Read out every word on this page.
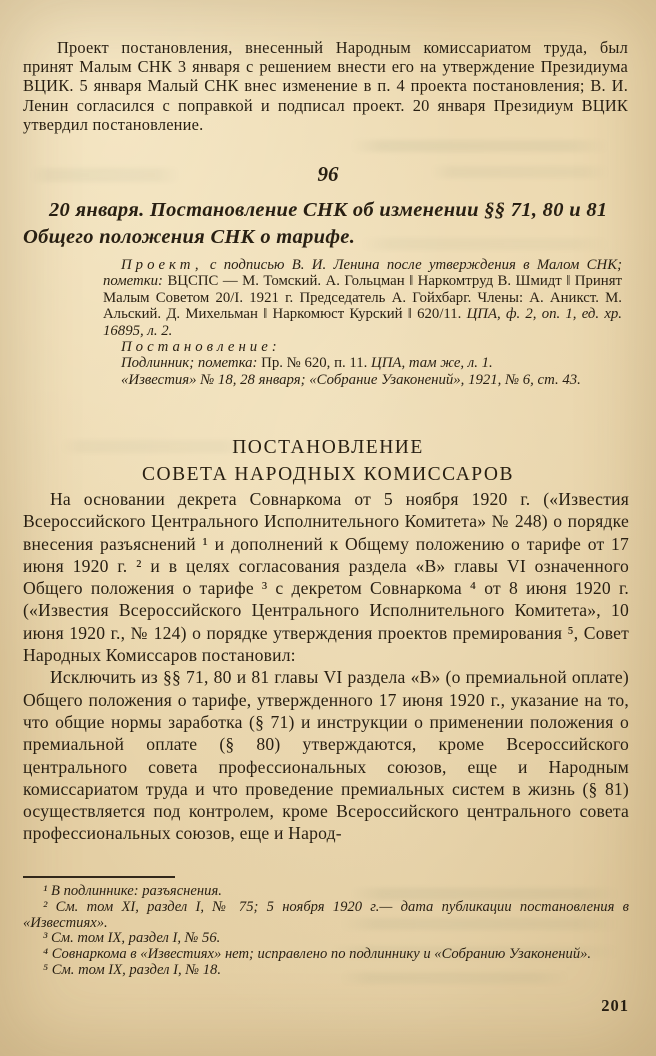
Проект постановления, внесенный Народным комиссариатом труда, был принят Малым СНК 3 января с решением внести его на утверждение Президиума ВЦИК. 5 января Малый СНК внес изменение в п. 4 проекта постановления; В. И. Ленин согласился с поправкой и подписал проект. 20 января Президиум ВЦИК утвердил постановление.

96

20 января. Постановление СНК об изменении §§ 71, 80 и 81 Общего положения СНК о тарифе.

Проект, с подписью В. И. Ленина после утверждения в Малом СНК; пометки: ВЦСПС — М. Томский. А. Гольцман ‖ Наркомтруд В. Шмидт ‖ Принят Малым Советом 20/I. 1921 г. Председатель А. Гойхбарг. Члены: А. Аникст. М. Альский. Д. Михельман ‖ Наркомюст Курский ‖ 620/11. ЦПА, ф. 2, оп. 1, ед. хр. 16895, л. 2.

Постановление:

Подлинник; пометка: Пр. № 620, п. 11. ЦПА, там же, л. 1.

«Известия» № 18, 28 января; «Собрание Узаконений», 1921, № 6, ст. 43.

ПОСТАНОВЛЕНИЕ
СОВЕТА НАРОДНЫХ КОМИССАРОВ

На основании декрета Совнаркома от 5 ноября 1920 г. («Известия Всероссийского Центрального Исполнительного Комитета» № 248) о порядке внесения разъяснений ¹ и дополнений к Общему положению о тарифе от 17 июня 1920 г. ² и в целях согласования раздела «В» главы VI означенного Общего положения о тарифе ³ с декретом Совнаркома ⁴ от 8 июня 1920 г. («Известия Всероссийского Центрального Исполнительного Комитета», 10 июня 1920 г., № 124) о порядке утверждения проектов премирования ⁵, Совет Народных Комиссаров постановил:

Исключить из §§ 71, 80 и 81 главы VI раздела «В» (о премиальной оплате) Общего положения о тарифе, утвержденного 17 июня 1920 г., указание на то, что общие нормы заработка (§ 71) и инструкции о применении положения о премиальной оплате (§ 80) утверждаются, кроме Всероссийского центрального совета профессиональных союзов, еще и Народным комиссариатом труда и что проведение премиальных систем в жизнь (§ 81) осуществляется под контролем, кроме Всероссийского центрального совета профессиональных союзов, еще и Народ-

¹ В подлиннике: разъяснения.

² См. том XI, раздел I, № 75; 5 ноября 1920 г.— дата публикации постановления в «Известиях».

³ См. том IX, раздел I, № 56.

⁴ Совнаркома в «Известиях» нет; исправлено по подлиннику и «Собранию Узаконений».

⁵ См. том IX, раздел I, № 18.

201
